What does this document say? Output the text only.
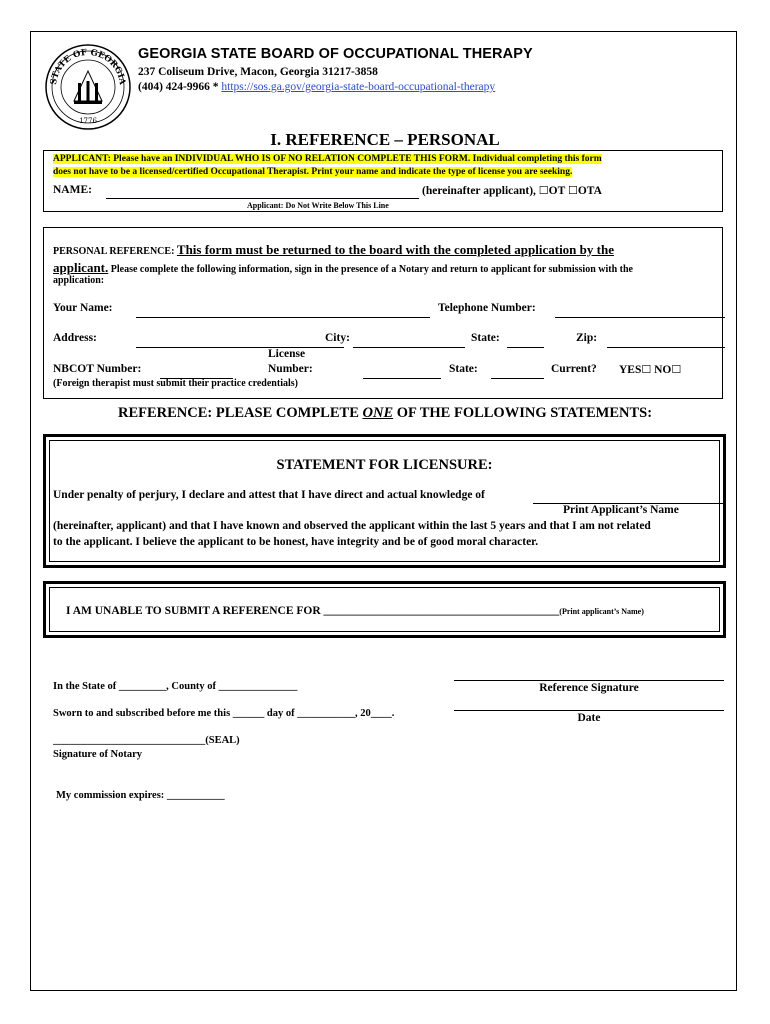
STATE OF GEORGIA
1776
GEORGIA STATE BOARD OF OCCUPATIONAL THERAPY
237 Coliseum Drive, Macon, Georgia 31217-3858
(404) 424-9966 * https://sos.ga.gov/georgia-state-board-occupational-therapy
I. REFERENCE – PERSONAL
APPLICANT: Please have an INDIVIDUAL WHO IS OF NO RELATION COMPLETE THIS FORM. Individual completing this form
does not have to be a licensed/certified Occupational Therapist. Print your name and indicate the type of license you are seeking.
NAME:	(hereinafter applicant), ☐OT ☐OTA
Applicant: Do Not Write Below This Line
PERSONAL REFERENCE: This form must be returned to the board with the completed application by the
applicant. Please complete the following information, sign in the presence of a Notary and return to applicant for submission with the
application:
Your Name:	Telephone Number:
Address:	City:	State:	Zip:
License
NBCOT Number:	Number:	State:	Current? YES☐ NO☐
(Foreign therapist must submit their practice credentials)
REFERENCE: PLEASE COMPLETE ONE OF THE FOLLOWING STATEMENTS:
STATEMENT FOR LICENSURE:
Under penalty of perjury, I declare and attest that I have direct and actual knowledge of
Print Applicant’s Name
(hereinafter, applicant) and that I have known and observed the applicant within the last 5 years and that I am not related
to the applicant. I believe the applicant to be honest, have integrity and be of good moral character.
I AM UNABLE TO SUBMIT A REFERENCE FOR _________________________________________(Print applicant’s Name)
In the State of _________, County of _______________
Sworn to and subscribed before me this ______ day of ___________, 20____.
_____________________________(SEAL)
Signature of Notary
My commission expires: ___________
Reference Signature
Date
